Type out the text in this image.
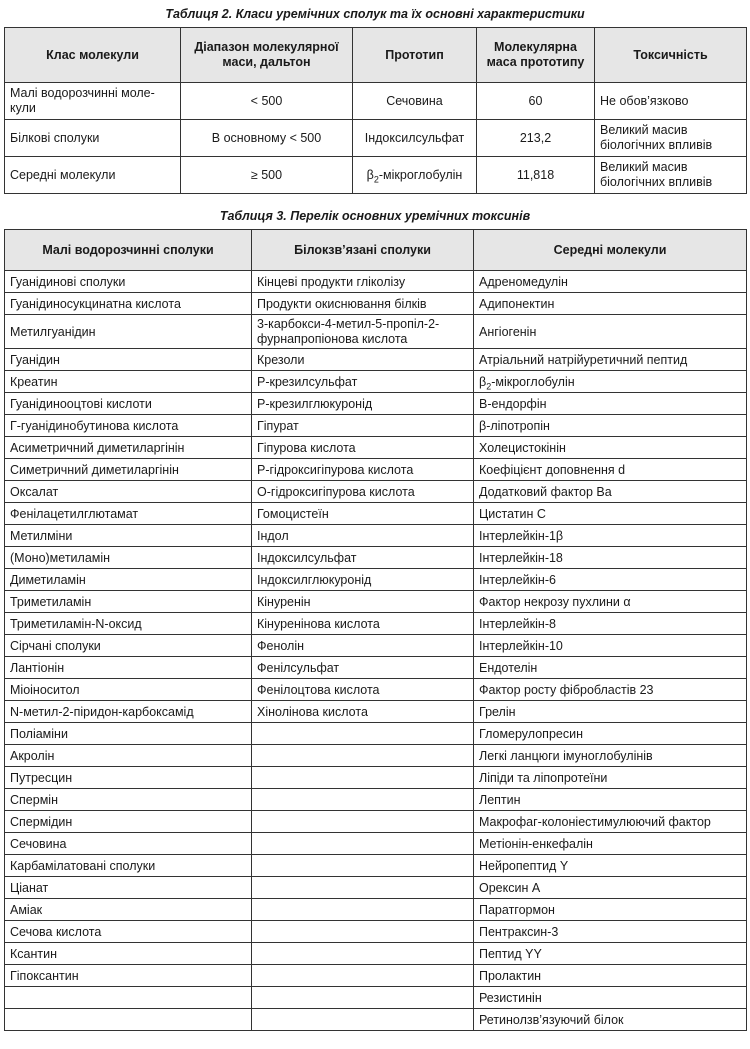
Таблиця 2. Класи уремічних сполук та їх основні характеристики
Клас молекули	Діапазон молекулярної маси, дальтон	Прототип	Молекулярна маса прототипу	Токсичність
Малі водорозчинні моле-кули	< 500	Сечовина	60	Не обов’язково
Білкові сполуки	В основному < 500	Індоксилсульфат	213,2	Великий масив біологічних впливів
Середні молекули	≥ 500	$\beta_2$-мікроглобулін	11,818	Великий масив біологічних впливів
Таблиця 3. Перелік основних уремічних токсинів
Малі водорозчинні сполуки	Білокзв’язані сполуки	Середні молекули
Гуанідинові сполуки	Кінцеві продукти гліколізу	Адреномедулін
Гуанідиносукцинатна кислота	Продукти окиснювання білків	Адипонектин
Метилгуанідин	3-карбокси-4-метил-5-пропіл-2-фурнапропіонова кислота	Ангіогенін
Гуанідин	Крезоли	Атріальний натрійуретичний пептид
Креатин	Р-крезилсульфат	$\beta_2$-мікроглобулін
Гуанідинооцтові кислоти	Р-крезилглюкуронід	В-ендорфін
Г-гуанідинобутинова кислота	Гіпурат	β-ліпотропін
Асиметричний диметиларгінін	Гіпурова кислота	Холецистокінін
Симетричний диметиларгінін	Р-гідроксигіпурова кислота	Коефіцієнт доповнення d
Оксалат	О-гідроксигіпурова кислота	Додатковий фактор Ва
Фенілацетилглютамат	Гомоцистеїн	Цистатин С
Метилміни	Індол	Інтерлейкін-1β
(Моно)метиламін	Індоксилсульфат	Інтерлейкін-18
Диметиламін	Індоксилглюкуронід	Інтерлейкін-6
Триметиламін	Кінуренін	Фактор некрозу пухлини α
Триметиламін-N-оксид	Кінуренінова кислота	Інтерлейкін-8
Сірчані сполуки	Фенолін	Інтерлейкін-10
Лантіонін	Фенілсульфат	Ендотелін
Міоіноситол	Фенілоцтова кислота	Фактор росту фібробластів 23
N-метил-2-піридон-карбоксамід	Хінолінова кислота	Грелін
Поліаміни		Гломерулопресин
Акролін		Легкі ланцюги імуноглобулінів
Путресцин		Ліпіди та ліпопротеїни
Спермін		Лептин
Спермідин		Макрофаг-колоніестимулюючий фактор
Сечовина		Метіонін-енкефалін
Карбамілатовані сполуки		Нейропептид Y
Ціанат		Орексин А
Аміак		Паратгормон
Сечова кислота		Пентраксин-3
Ксантин		Пептид YY
Гіпоксантин		Пролактин
		Резистинін
		Ретинолзв’язуючий білок
